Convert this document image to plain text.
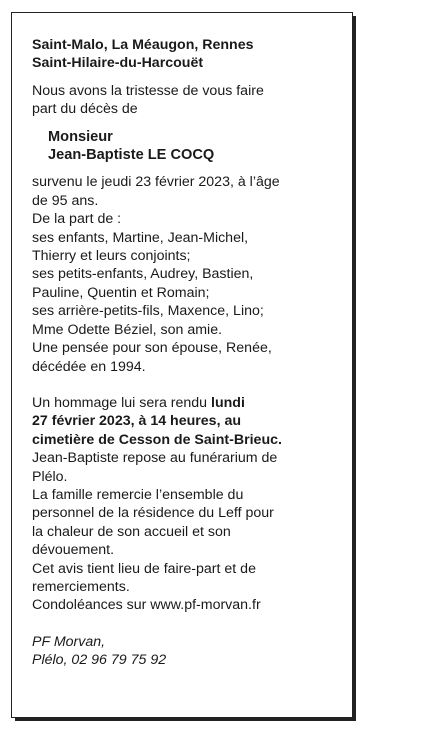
Saint-Malo, La Méaugon, Rennes
Saint-Hilaire-du-Harcouët
Nous avons la tristesse de vous faire
part du décès de
Monsieur
Jean-Baptiste LE COCQ
survenu le jeudi 23 février 2023, à l’âge
de 95 ans.
De la part de :
ses enfants, Martine, Jean-Michel,
Thierry et leurs conjoints;
ses petits-enfants, Audrey, Bastien,
Pauline, Quentin et Romain;
ses arrière-petits-fils, Maxence, Lino;
Mme Odette Béziel, son amie.
Une pensée pour son épouse, Renée,
décédée en 1994.
Un hommage lui sera rendu lundi
27 février 2023, à 14 heures, au
cimetière de Cesson de Saint-Brieuc.
Jean-Baptiste repose au funérarium de
Plélo.
La famille remercie l’ensemble du
personnel de la résidence du Leff pour
la chaleur de son accueil et son
dévouement.
Cet avis tient lieu de faire-part et de
remerciements.
Condoléances sur www.pf-morvan.fr
PF Morvan,
Plélo, 02 96 79 75 92
